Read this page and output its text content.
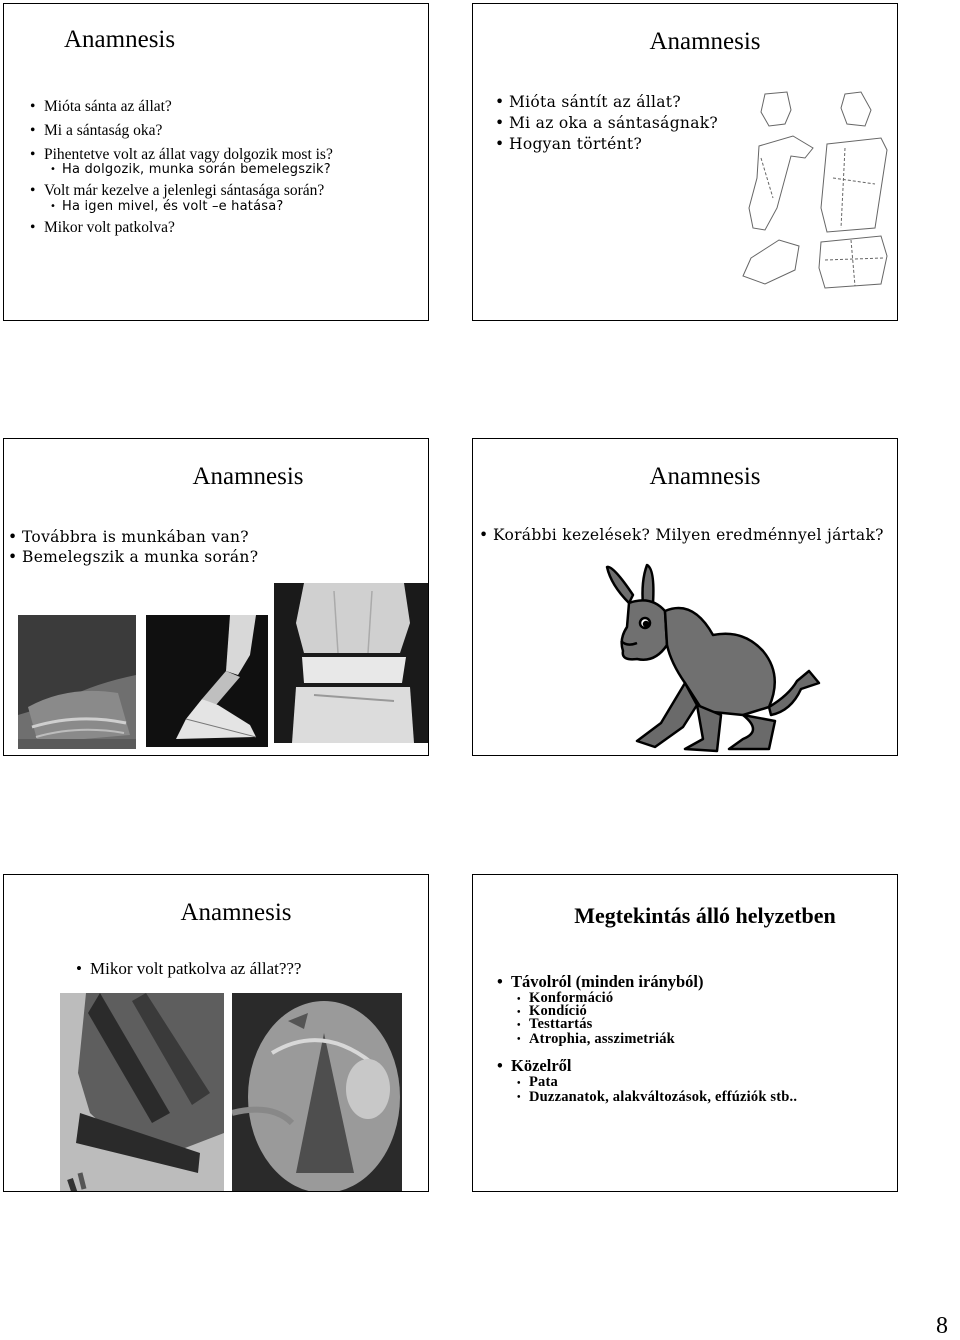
Anamnesis
• Mióta sánta az állat?
• Mi a sántaság oka?
• Pihentetve volt az állat vagy dolgozik most is?
• Ha dolgozik, munka során bemelegszik?
• Volt már kezelve a jelenlegi sántasága során?
• Ha igen mivel, és volt –e hatása?
• Mikor volt patkolva?
Anamnesis
• Mióta sántít az állat?
• Mi az oka a sántaságnak?
• Hogyan történt?
Anamnesis
• Továbbra is munkában van?
• Bemelegszik a munka során?
Anamnesis
• Korábbi kezelések? Milyen eredménnyel jártak?
Anamnesis
• Mikor volt patkolva az állat???
Megtekintás álló helyzetben
• Távolról (minden irányból)
• Konformáció
• Kondíció
• Testtartás
• Atrophia, asszimetriák
• Közelről
• Pata
• Duzzanatok, alakváltozások, effúziók stb..
8
